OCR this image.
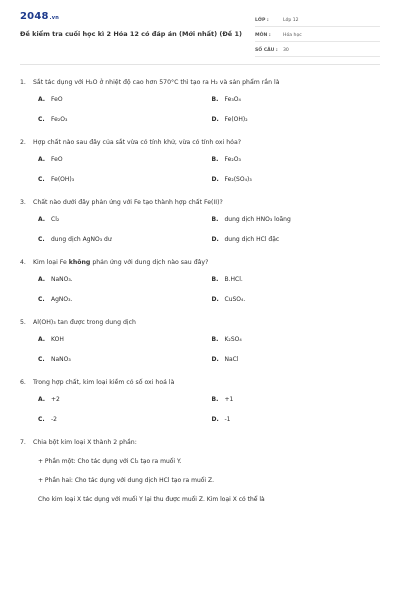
2048.vn
Đề kiểm tra cuối học kì 2 Hóa 12 có đáp án (Mới nhất) (Đề 1)
LỚP :	Lớp 12
MÔN :	Hóa học
SỐ CÂU :	30
1.	Sắt tác dụng với H₂O ở nhiệt độ cao hơn 570°C thì tạo ra H₂ và sản phẩm rắn là
A. FeO	B.	Fe₃O₄
C.	Fe₂O₃	D. Fe(OH)₂
2.	Hợp chất nào sau đây của sắt vừa có tính khử, vừa có tính oxi hóa?
A. FeO	B.	Fe₂O₃
C.	Fe(OH)₃	D. Fe₂(SO₄)₃
3.	Chất nào dưới đây phản ứng với Fe tạo thành hợp chất Fe(II)?
A. Cl₂	B.	dung dịch HNO₃ loãng
C.	dung dịch AgNO₃ dư	D. dung dịch HCl đặc
4.	Kim loại Fe không phản ứng với dung dịch nào sau đây?
A. NaNO₃.	B.	B.HCl.
C.	AgNO₃.	D. CuSO₄.
5.	Al(OH)₃ tan được trong dung dịch
A. KOH	B.	K₂SO₄
C.	NaNO₃	D. NaCl
6.	Trong hợp chất, kim loại kiềm có số oxi hoá là
A. +2	B.	+1
C.	-2	D. -1
7.	Chia bột kim loại X thành 2 phần:
+ Phần một: Cho tác dụng với Cl₂ tạo ra muối Y.
+ Phần hai: Cho tác dụng với dung dịch HCl tạo ra muối Z.
Cho kim loại X tác dụng với muối Y lại thu được muối Z. Kim loại X có thể là
